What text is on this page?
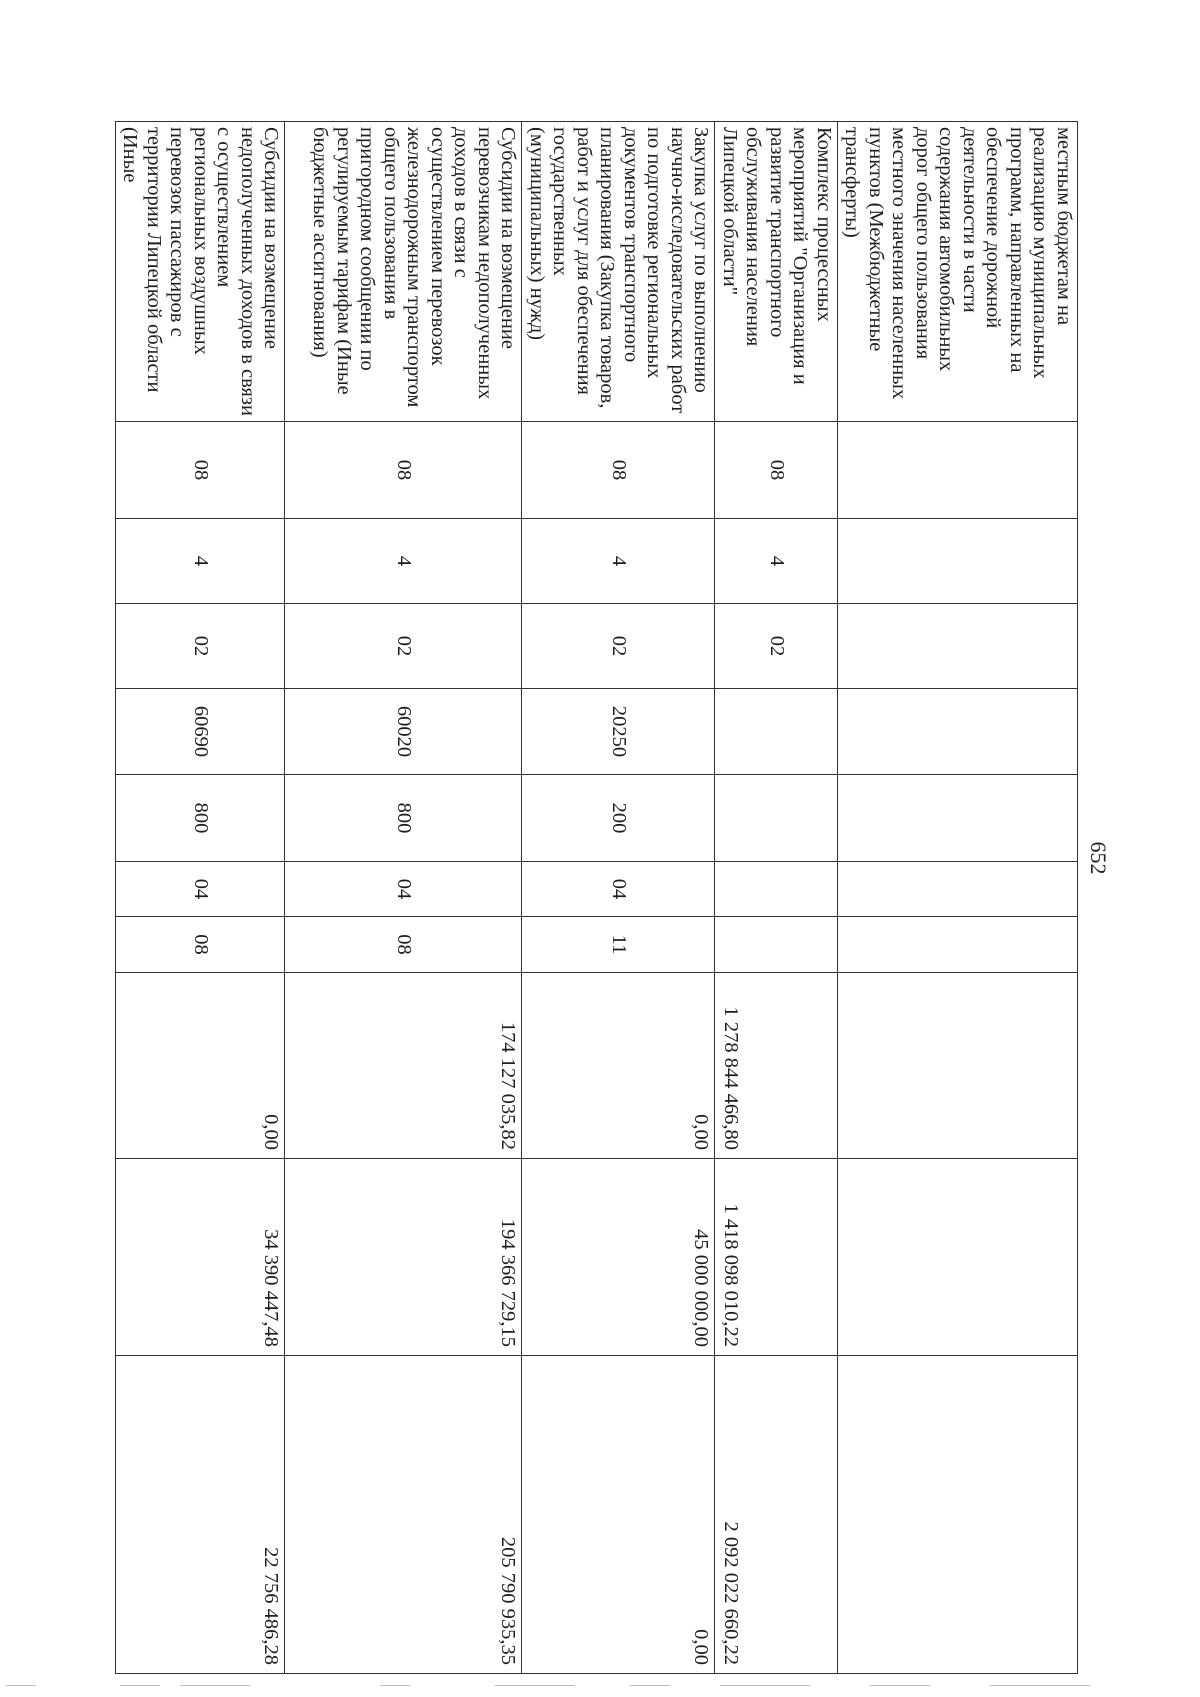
652
местным бюджетам на реализацию муниципальных программ, направленных на обеспечение дорожной деятельности в части содержания автомобильных дорог общего пользования местного значения населенных пунктов (Межбюджетные трансферты)										
Комплекс процессных мероприятий "Организация и развитие транспортного обслуживания населения Липецкой области"	08	4	02					1 278 844 466,80	1 418 098 010,22	2 092 022 660,22
Закупка услуг по выполнению научно-исследовательских работ по подготовке региональных документов транспортного планирования (Закупка товаров, работ и услуг для обеспечения государственных (муниципальных) нужд)	08	4	02	20250	200	04	11	0,00	45 000 000,00	0,00
Субсидии на возмещение перевозчикам недополученных доходов в связи с осуществлением перевозок железнодорожным транспортом общего пользования в пригородном сообщении по регулируемым тарифам (Иные бюджетные ассигнования)	08	4	02	60020	800	04	08	174 127 035,82	194 366 729,15	205 790 935,35
Субсидии на возмещение недополученных доходов в связи с осуществлением региональных воздушных перевозок пассажиров с территории Липецкой области (Иные	08	4	02	60690	800	04	08	0,00	34 390 447,48	22 756 486,28
